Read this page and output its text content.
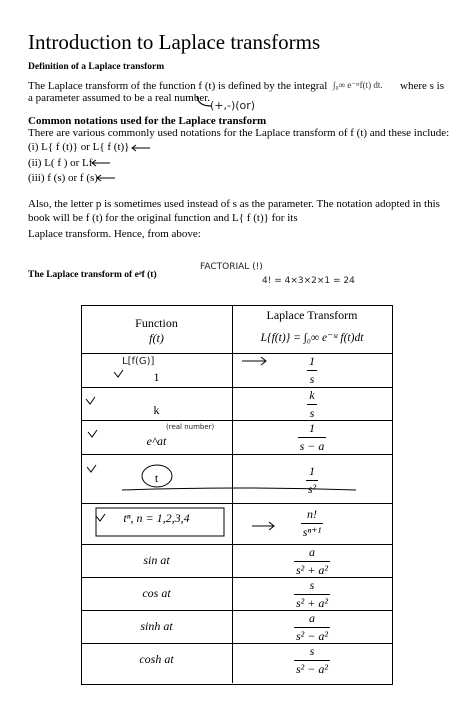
Introduction to Laplace transforms
Definition of a Laplace transform
The Laplace transform of the function f (t) is defined by the integral ∫₀∞ e⁻ˢᵗf(t) dt. where s is
a parameter assumed to be a real number.
(+,-)(or)
Common notations used for the Laplace transform
There are various commonly used notations for the Laplace transform of f (t) and these include:
(i) L{ f (t)} or L{ f (t)}
(ii) L( f ) or Lf
(iii) f (s) or f (s)
Also, the letter p is sometimes used instead of s as the parameter. The notation adopted in this
book will be f (t) for the original function and L{ f (t)} for its
Laplace transform. Hence, from above:
The Laplace transform of eᵃf (t)
FACTORIAL (!)
4! = 4×3×2×1 = 24
Function
f(t)
Laplace Transform
L{f(t)} = ∫₀∞ e⁻ˢᵗ f(t)dt
1
L[f(G)]
k
e^at
(real number)
t
tⁿ, n = 1,2,3,4
sin at
cos at
sinh at
cosh at
$\frac{1}{s}$
$\frac{k}{s}$
$\frac{1}{s - a}$
$\frac{1}{\text{s²}}$
$\frac{n!}{\text{sⁿ⁺¹}}$
$\frac{a}{\text{s² + a²}}$
$\frac{s}{\text{s² + a²}}$
$\frac{a}{\text{s² − a²}}$
$\frac{s}{\text{s² − a²}}$
